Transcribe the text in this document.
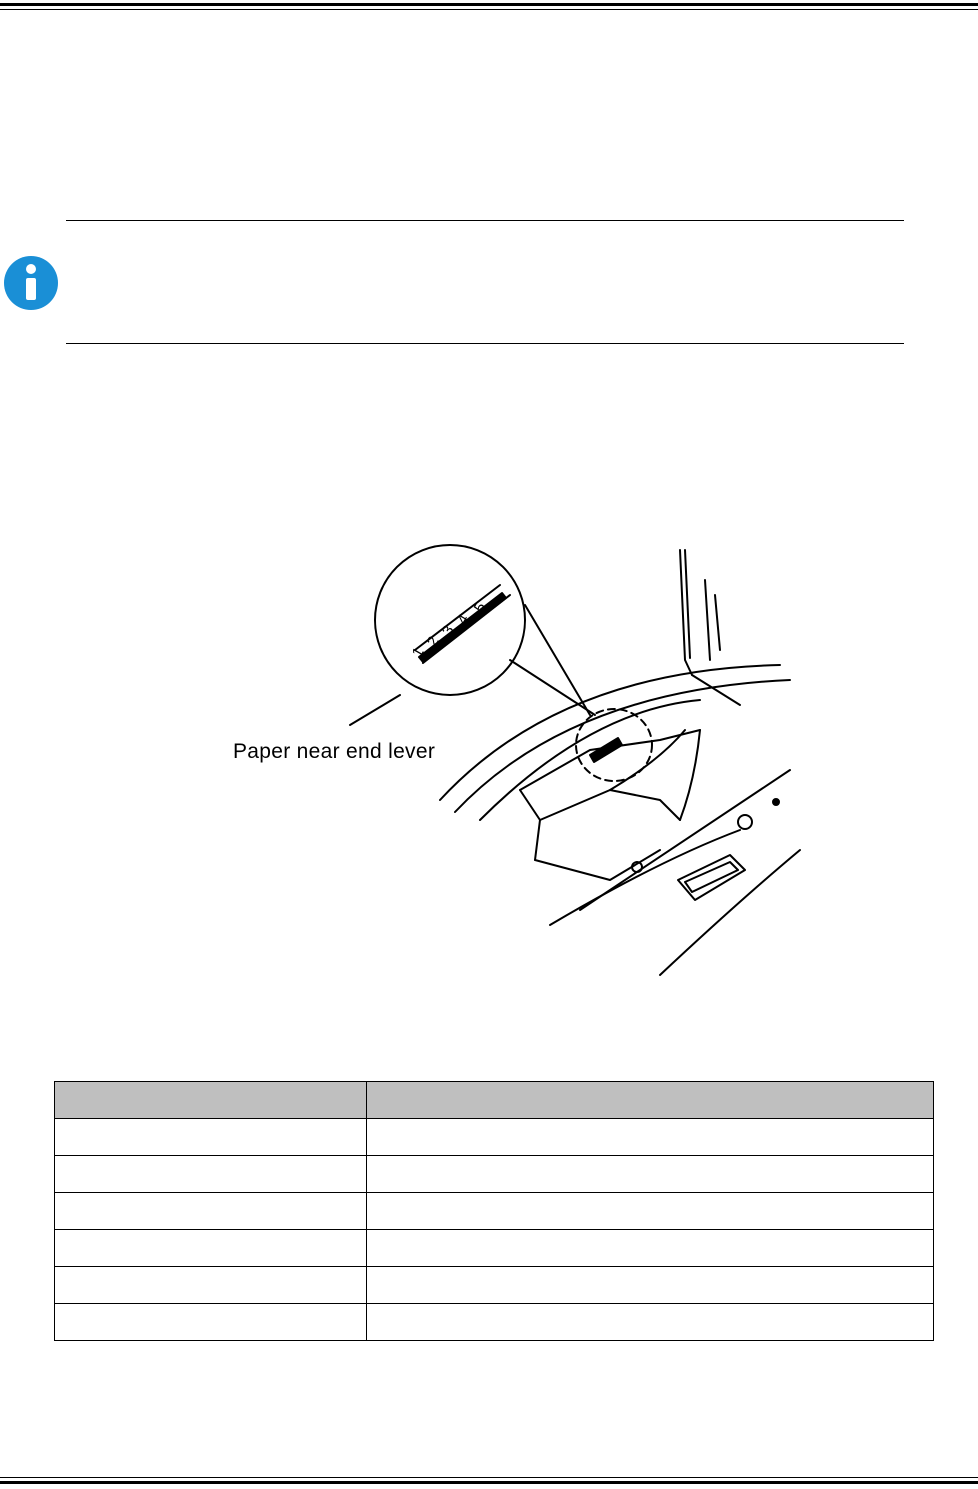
Paper near end lever
5
4
3
2
1
